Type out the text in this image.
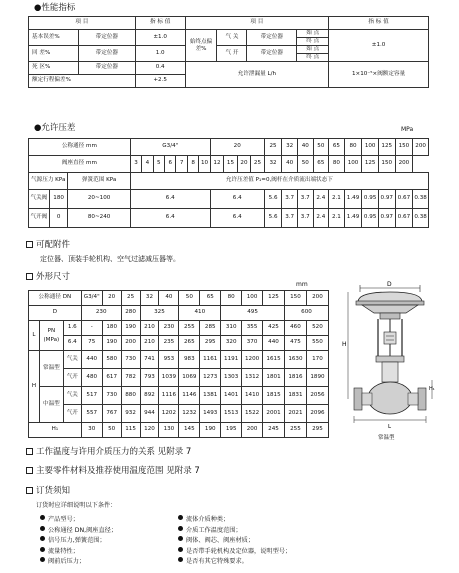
●性能指标
项 目		指 标 值	项 目				指 标 值
基本误差%	带定位器	±1.0	始终点偏差%	气 关	带定位器	始 点	±1.0
						终 点	
回 差%	带定位器	1.0		气 开	带定位器	始 点	
						终 点	
死 区%	带定位器	0.4	允许泄漏量 L/h				1×10⁻⁵×阀额定容量
额定行程偏差%		+2.5					
●允许压差	MPa
公称通径 mm			G3/4"							20				25	32	40	50	65	80	100	125	150	200
阀座直径 mm			3	4	5	6	7	8	10	12	15	20	25	32	40	50	65	80	100	125	150	200	
气源压力 KPa		弹簧范围 KPa	允许压差值 P₁=0,阀杆在介质流出端状态下																				
气关阀	180	20~100	6.4							6.4				5.6	3.7	3.7	2.4	2.1	1.49	0.95	0.97	0.67	0.38
气开阀	0	80~240	6.4							6.4				5.6	3.7	3.7	2.4	2.1	1.49	0.95	0.97	0.67	0.38
可配附件
定位器、顶装手轮机构、空气过滤减压器等。
外形尺寸
mm
公称通径 DN			G3/4"	20	25	32	40	50	65	80	100	125	150	200
D			230		280	325		410		495			600	
L	PN (MPa)	1.6	-	180	190	210	230	255	285	310	355	425	460	520
		6.4	75	190	200	210	235	265	295	320	370	440	475	550
H	常温型	气关	440	580	730	741	953	983	1161	1191	1200	1615	1630	170
		气开	480	617	782	793	1039	1069	1273	1303	1312	1801	1816	1890
	中温型	气关	517	730	880	892	1116	1146	1381	1401	1410	1815	1831	2056
		气开	557	767	932	944	1202	1232	1493	1513	1522	2001	2021	2096
H₁			30	50	115	120	130	145	190	195	200	245	255	295
D
H
H₁
L
常温型
工作温度与许用介质压力的关系 见附录 7
主要零件材料及推荐使用温度范围 见附录 7
订货须知
订货时应详细说明以下条件：
产品型号；
公称通径 DN,阀座直径；
信号压力,弹簧范围；
流量特性；
阀前后压力；
流体介质种类；
介质工作温度范围；
阀体、阀芯、阀座材质；
是否带手轮机构及定位器，说明型号；
是否有其它特殊要求。
